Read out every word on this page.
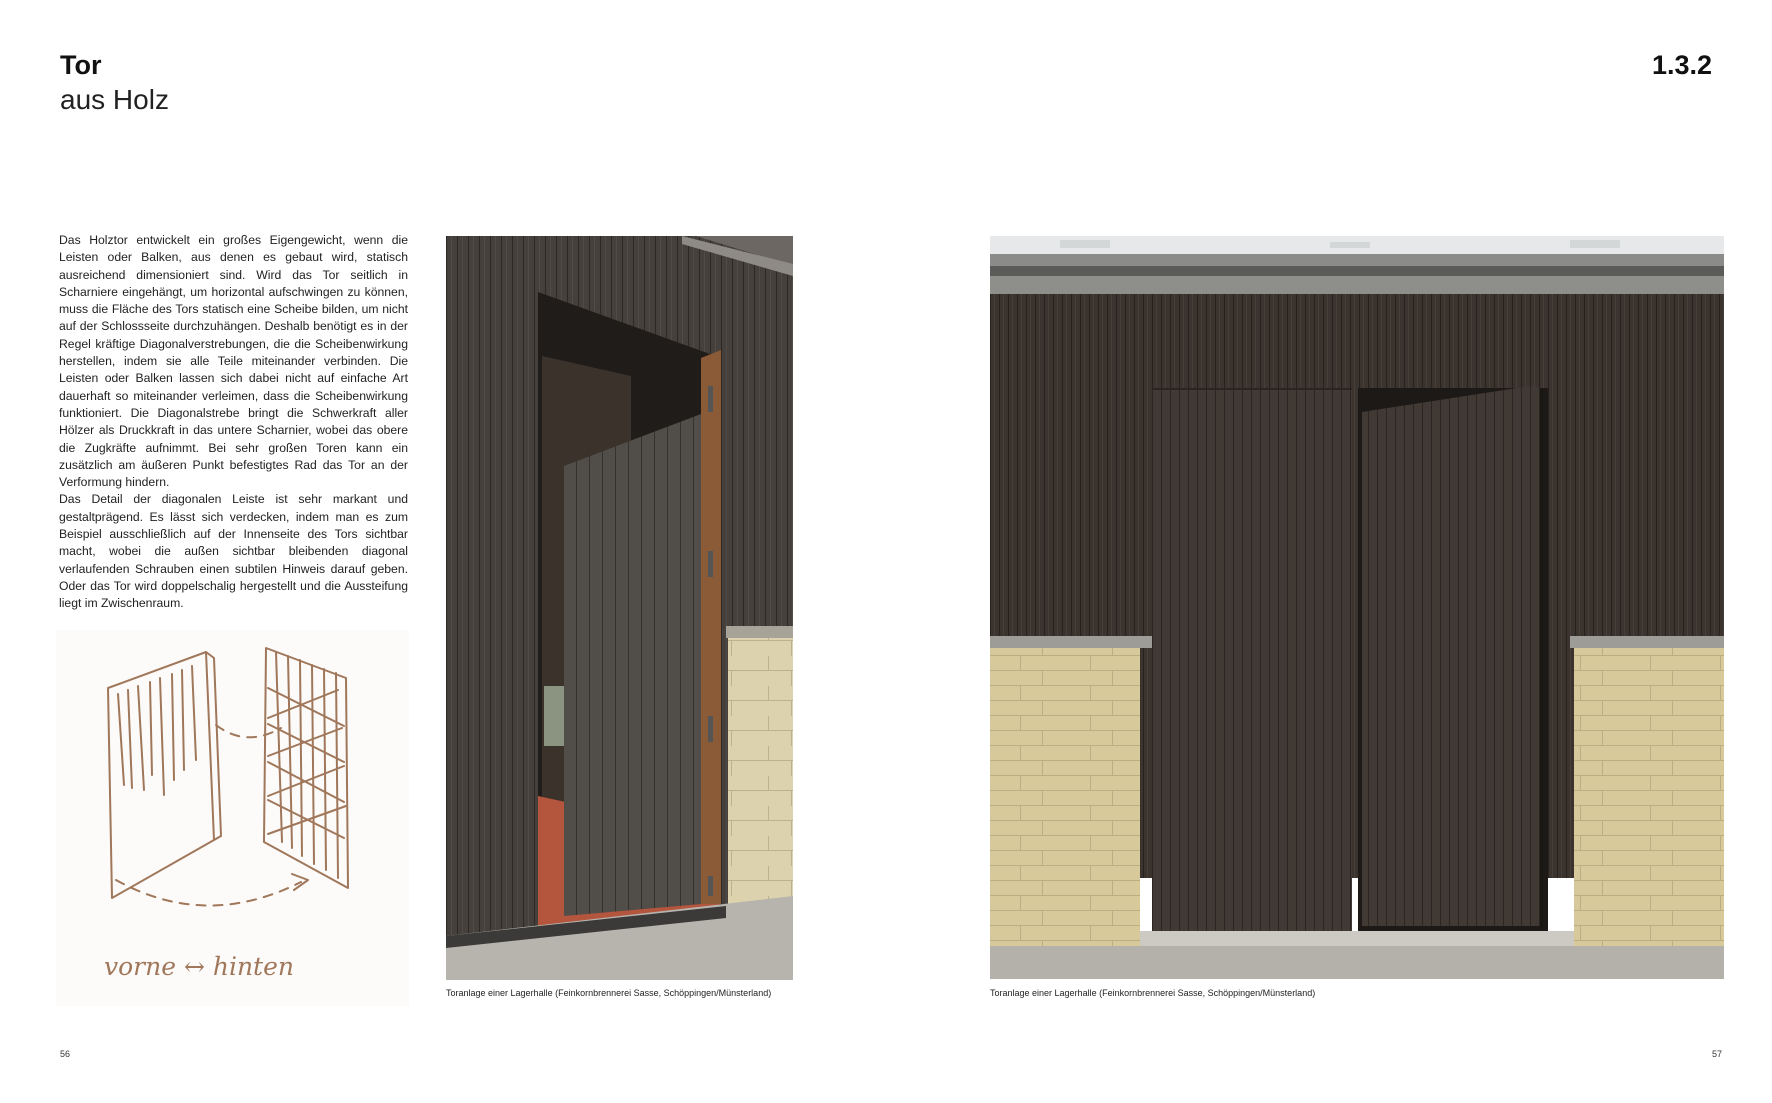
Tor
aus Holz
1.3.2

Das Holztor entwickelt ein großes Eigengewicht, wenn die Leisten oder Balken, aus denen es gebaut wird, statisch ausreichend dimensioniert sind. Wird das Tor seitlich in Scharniere eingehängt, um horizontal aufschwingen zu können, muss die Fläche des Tors statisch eine Scheibe bilden, um nicht auf der Schlossseite durchzuhängen. Deshalb benötigt es in der Regel kräftige Diagonalverstrebungen, die die Scheibenwirkung herstellen, indem sie alle Teile miteinander verbinden. Die Leisten oder Balken lassen sich dabei nicht auf einfache Art dauerhaft so miteinander verleimen, dass die Scheibenwirkung funktioniert. Die Diagonalstrebe bringt die Schwerkraft aller Hölzer als Druckkraft in das untere Scharnier, wobei das obere die Zugkräfte aufnimmt. Bei sehr großen Toren kann ein zusätzlich am äußeren Punkt befestigtes Rad das Tor an der Verformung hindern.

Das Detail der diagonalen Leiste ist sehr markant und gestaltprägend. Es lässt sich verdecken, indem man es zum Beispiel ausschließlich auf der Innenseite des Tors sichtbar macht, wobei die außen sichtbar bleibenden diagonal verlaufenden Schrauben einen subtilen Hinweis darauf geben. Oder das Tor wird doppelschalig hergestellt und die Aussteifung liegt im Zwischenraum.

vorne ↔ hinten
Toranlage einer Lagerhalle (Feinkornbrennerei Sasse, Schöppingen/Münsterland)	Toranlage einer Lagerhalle (Feinkornbrennerei Sasse, Schöppingen/Münsterland)
56	57
